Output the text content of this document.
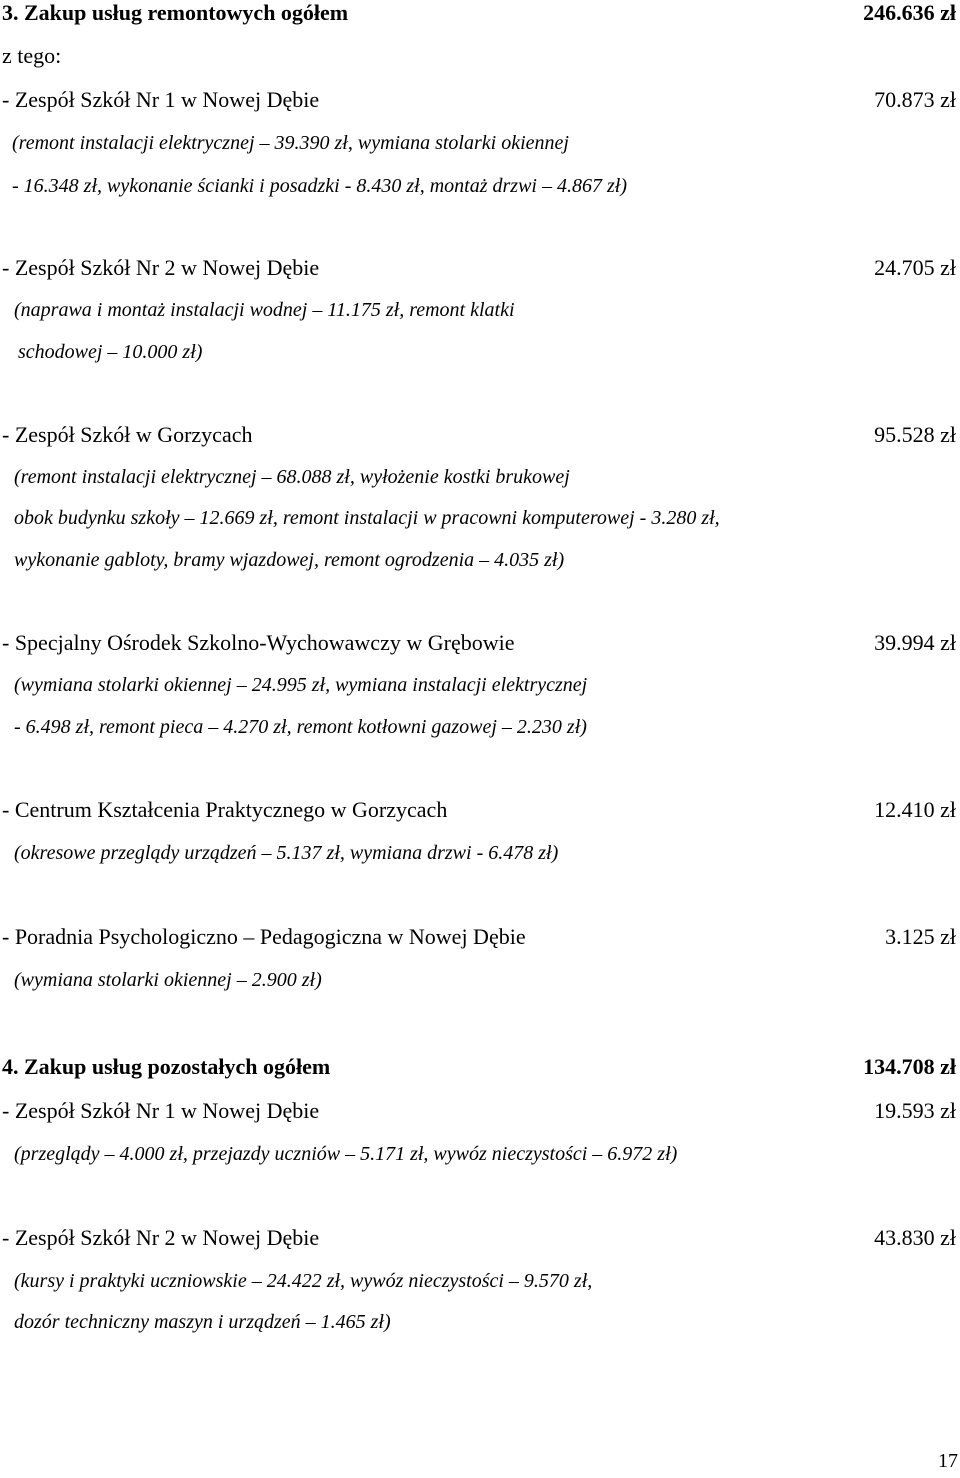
3. Zakup usług remontowych ogółem	246.636 zł
z tego:
- Zespół Szkół Nr 1 w Nowej Dębie	70.873 zł
(remont instalacji elektrycznej – 39.390 zł, wymiana stolarki okiennej
- 16.348 zł, wykonanie ścianki i posadzki - 8.430 zł, montaż drzwi – 4.867 zł)
- Zespół Szkół Nr 2 w Nowej Dębie	24.705 zł
(naprawa i montaż instalacji wodnej – 11.175 zł, remont klatki
schodowej – 10.000 zł)
- Zespół Szkół w Gorzycach	95.528 zł
(remont instalacji elektrycznej – 68.088 zł, wyłożenie kostki brukowej
obok budynku szkoły – 12.669 zł, remont instalacji w pracowni komputerowej - 3.280 zł,
wykonanie gabloty, bramy wjazdowej, remont ogrodzenia – 4.035 zł)
- Specjalny Ośrodek Szkolno-Wychowawczy w Grębowie	39.994 zł
(wymiana stolarki okiennej – 24.995 zł, wymiana instalacji elektrycznej
- 6.498 zł, remont pieca – 4.270 zł, remont kotłowni gazowej – 2.230 zł)
- Centrum Kształcenia Praktycznego w Gorzycach	12.410 zł
(okresowe przeglądy urządzeń – 5.137 zł, wymiana drzwi - 6.478 zł)
- Poradnia Psychologiczno – Pedagogiczna w Nowej Dębie	3.125 zł
(wymiana stolarki okiennej – 2.900 zł)
4. Zakup usług pozostałych ogółem	134.708 zł
- Zespół Szkół Nr 1 w Nowej Dębie	19.593 zł
(przeglądy – 4.000 zł, przejazdy uczniów – 5.171 zł, wywóz nieczystości – 6.972 zł)
- Zespół Szkół Nr 2 w Nowej Dębie	43.830 zł
(kursy i praktyki uczniowskie – 24.422 zł, wywóz nieczystości – 9.570 zł,
dozór techniczny maszyn i urządzeń – 1.465 zł)
17
